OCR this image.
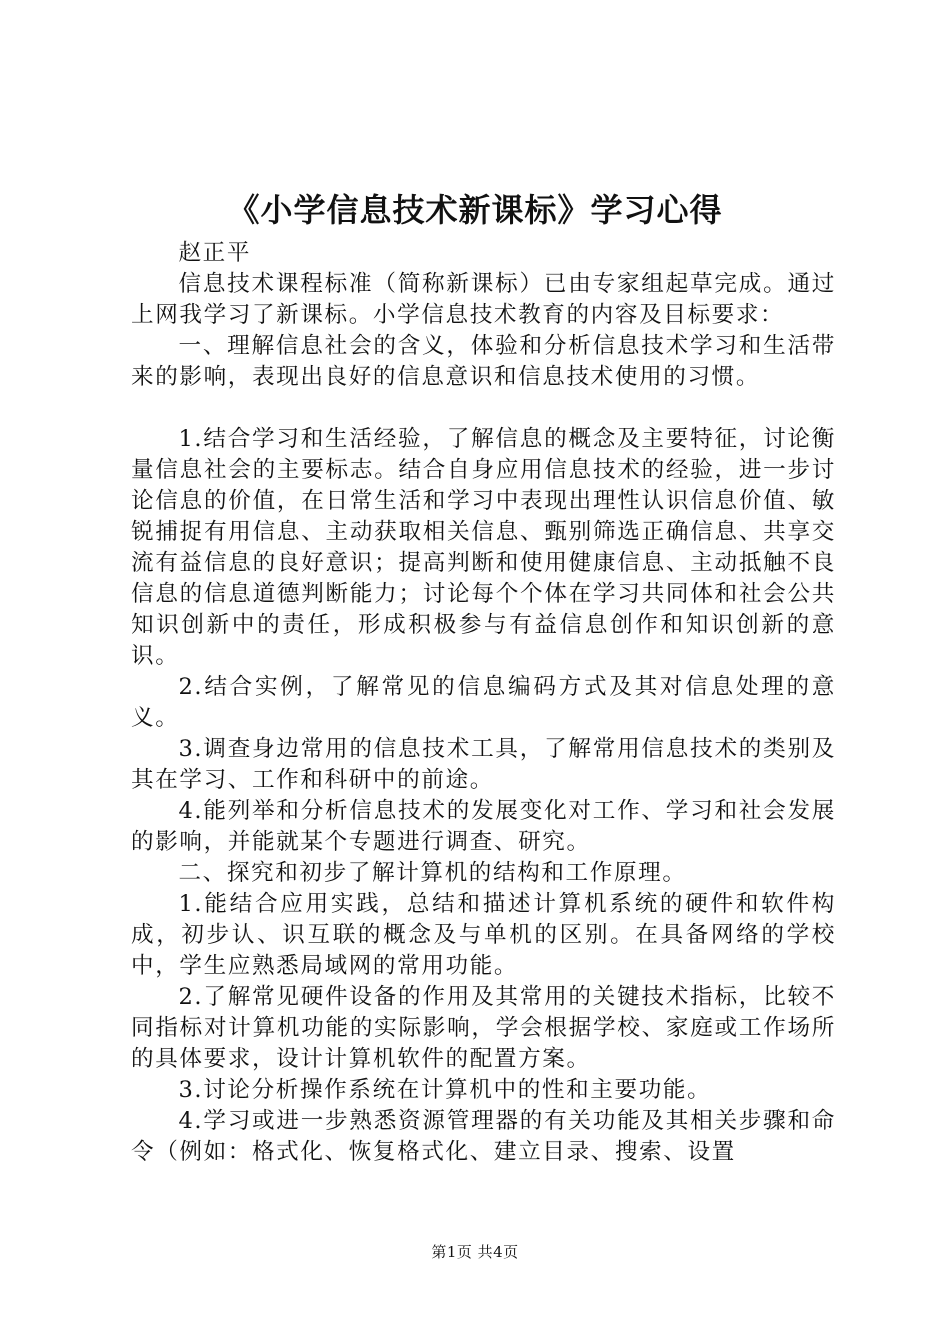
《小学信息技术新课标》学习心得

赵正平

信息技术课程标准（简称新课标）已由专家组起草完成。通过上网我学习了新课标。小学信息技术教育的内容及目标要求：

一、理解信息社会的含义，体验和分析信息技术学习和生活带来的影响，表现出良好的信息意识和信息技术使用的习惯。

1.结合学习和生活经验，了解信息的概念及主要特征，讨论衡量信息社会的主要标志。结合自身应用信息技术的经验，进一步讨论信息的价值，在日常生活和学习中表现出理性认识信息价值、敏锐捕捉有用信息、主动获取相关信息、甄别筛选正确信息、共享交流有益信息的良好意识；提高判断和使用健康信息、主动抵触不良信息的信息道德判断能力；讨论每个个体在学习共同体和社会公共知识创新中的责任，形成积极参与有益信息创作和知识创新的意识。

2.结合实例，了解常见的信息编码方式及其对信息处理的意义。

3.调查身边常用的信息技术工具，了解常用信息技术的类别及其在学习、工作和科研中的前途。

4.能列举和分析信息技术的发展变化对工作、学习和社会发展的影响，并能就某个专题进行调查、研究。

二、探究和初步了解计算机的结构和工作原理。

1.能结合应用实践，总结和描述计算机系统的硬件和软件构成，初步认、识互联的概念及与单机的区别。在具备网络的学校中，学生应熟悉局域网的常用功能。

2.了解常见硬件设备的作用及其常用的关键技术指标，比较不同指标对计算机功能的实际影响，学会根据学校、家庭或工作场所的具体要求，设计计算机软件的配置方案。

3.讨论分析操作系统在计算机中的性和主要功能。

4.学习或进一步熟悉资源管理器的有关功能及其相关步骤和命令（例如：格式化、恢复格式化、建立目录、搜索、设置

第1页 共4页
